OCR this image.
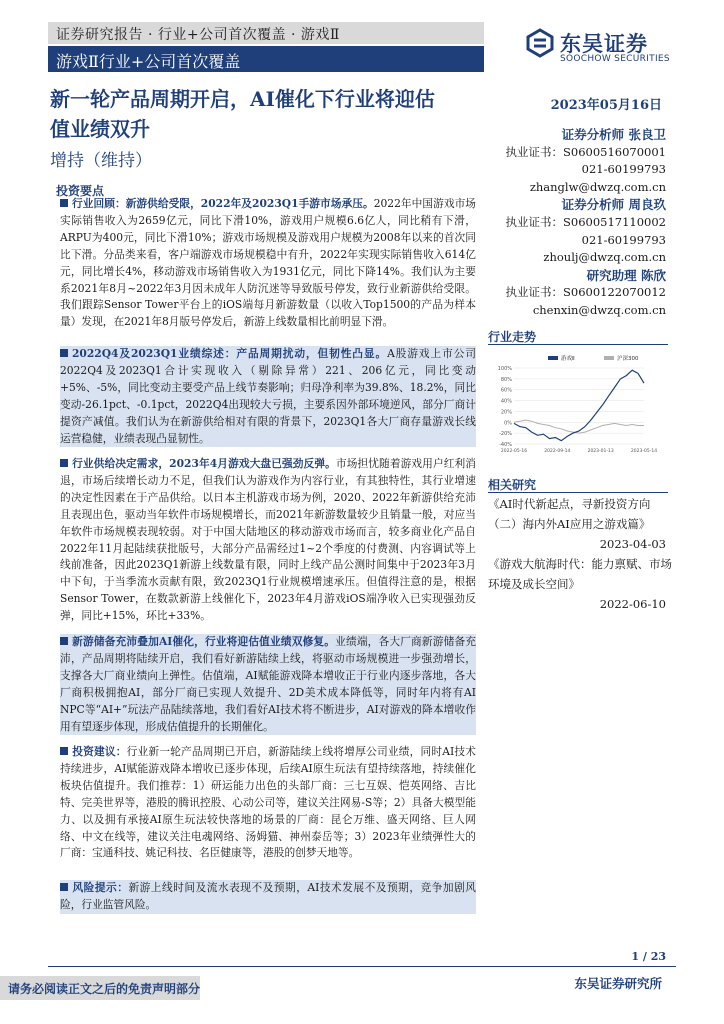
证券研究报告 · 行业+公司首次覆盖 · 游戏Ⅱ
游戏Ⅱ行业+公司首次覆盖
东吴证券
SOOCHOW SECURITIES
新一轮产品周期开启，AI催化下行业将迎估
值业绩双升
增持（维持）
2023年05月16日
证券分析师 张良卫
执业证书：S0600516070001
021-60199793
zhanglw@dwzq.com.cn
证券分析师 周良玖
执业证书：S0600517110002
021-60199793
zhoulj@dwzq.com.cn
研究助理 陈欣
执业证书：S0600122070012
chenxin@dwzq.com.cn
投资要点
行业回顾：新游供给受限，2022年及2023Q1手游市场承压。2022年中国游戏市场实际销售收入为2659亿元，同比下滑10%，游戏用户规模6.6亿人，同比稍有下滑，ARPU为400元，同比下滑10%；游戏市场规模及游戏用户规模为2008年以来的首次同比下滑。分品类来看，客户端游戏市场规模稳中有升，2022年实现实际销售收入614亿元，同比增长4%，移动游戏市场销售收入为1931亿元，同比下降14%。我们认为主要系2021年8月~2022年3月因未成年人防沉迷等导致版号停发，致行业新游供给受限。我们跟踪Sensor Tower平台上的iOS端每月新游数量（以收入Top1500的产品为样本量）发现，在2021年8月版号停发后，新游上线数量相比前明显下滑。
2022Q4及2023Q1业绩综述：产品周期扰动，但韧性凸显。A股游戏上市公司2022Q4及2023Q1合计实现收入（剔除异常）221、206亿元，同比变动+5%、-5%，同比变动主要受产品上线节奏影响；归母净利率为39.8%、18.2%，同比变动-26.1pct、-0.1pct，2022Q4出现较大亏损，主要系因外部环境逆风，部分厂商计提资产减值。我们认为在新游供给相对有限的背景下，2023Q1各大厂商存量游戏长线运营稳健，业绩表现凸显韧性。
行业供给决定需求，2023年4月游戏大盘已强劲反弹。市场担忧随着游戏用户红利消退，市场后续增长动力不足，但我们认为游戏作为内容行业，有其独特性，其行业增速的决定性因素在于产品供给。以日本主机游戏市场为例，2020、2022年新游供给充沛且表现出色，驱动当年软件市场规模增长，而2021年新游数量较少且销量一般，对应当年软件市场规模表现较弱。对于中国大陆地区的移动游戏市场而言，较多商业化产品自2022年11月起陆续获批版号，大部分产品需经过1~2个季度的付费测、内容调试等上线前准备，因此2023Q1新游上线数量有限，同时上线产品公测时间集中于2023年3月中下旬，于当季流水贡献有限，致2023Q1行业规模增速承压。但值得注意的是，根据Sensor Tower，在数款新游上线催化下，2023年4月游戏iOS端净收入已实现强劲反弹，同比+15%，环比+33%。
新游储备充沛叠加AI催化，行业将迎估值业绩双修复。业绩端，各大厂商新游储备充沛，产品周期将陆续开启，我们看好新游陆续上线，将驱动市场规模进一步强劲增长，支撑各大厂商业绩向上弹性。估值端，AI赋能游戏降本增收正于行业内逐步落地，各大厂商积极拥抱AI，部分厂商已实现人效提升、2D美术成本降低等，同时年内将有AI NPC等“AI+”玩法产品陆续落地，我们看好AI技术将不断进步，AI对游戏的降本增收作用有望逐步体现，形成估值提升的长期催化。
投资建议：行业新一轮产品周期已开启，新游陆续上线将增厚公司业绩，同时AI技术持续进步，AI赋能游戏降本增收已逐步体现，后续AI原生玩法有望持续落地，持续催化板块估值提升。我们推荐：1）研运能力出色的头部厂商：三七互娱、恺英网络、吉比特、完美世界等，港股的腾讯控股、心动公司等，建议关注网易-S等；2）具备大模型能力、以及拥有承接AI原生玩法较快落地的场景的厂商：昆仑万维、盛天网络、巨人网络、中文在线等，建议关注电魂网络、汤姆猫、神州泰岳等；3）2023年业绩弹性大的厂商：宝通科技、姚记科技、名臣健康等，港股的创梦天地等。
风险提示：新游上线时间及流水表现不及预期，AI技术发展不及预期，竞争加剧风险，行业监管风险。
行业走势
100%
80%
60%
40%
20%
0%
-20%
-40%
2022-05-16	2022-09-14	2023-01-13	2023-05-14
游戏Ⅱ	沪深300
相关研究
《AI时代新起点，寻新投资方向（二）海内外AI应用之游戏篇》
2023-04-03
《游戏大航海时代：能力禀赋、市场环境及成长空间》
2022-06-10
1 / 23
请务必阅读正文之后的免责声明部分	东吴证券研究所
